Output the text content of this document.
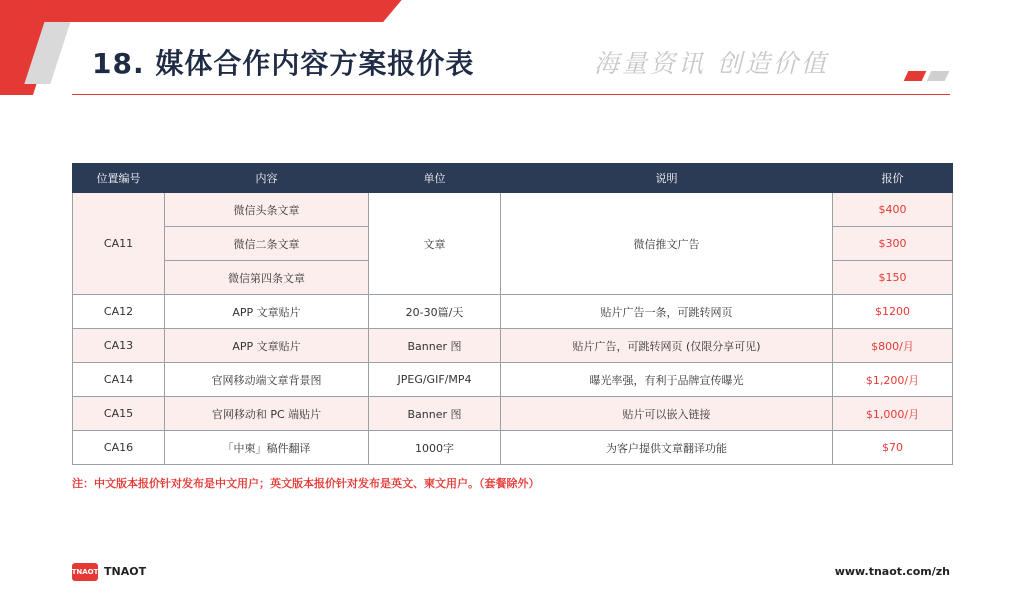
18. 媒体合作内容方案报价表	海量资讯 创造价值
位置编号	内容	单位	说明	报价
CA11	微信头条文章	文章	微信推文广告	$400
	微信二条文章			$300
	微信第四条文章			$150
CA12	APP 文章贴片	20-30篇/天	贴片广告一条，可跳转网页	$1200
CA13	APP 文章贴片	Banner 图	贴片广告，可跳转网页 (仅限分享可见)	$800/月
CA14	官网移动端文章背景图	JPEG/GIF/MP4	曝光率强，有利于品牌宣传曝光	$1,200/月
CA15	官网移动和 PC 端贴片	Banner 图	贴片可以嵌入链接	$1,000/月
CA16	「中柬」稿件翻译	1000字	为客户提供文章翻译功能	$70
注：中文版本报价针对发布是中文用户；英文版本报价针对发布是英文、柬文用户。（套餐除外）
TNAOT TNAOT	www.tnaot.com/zh
